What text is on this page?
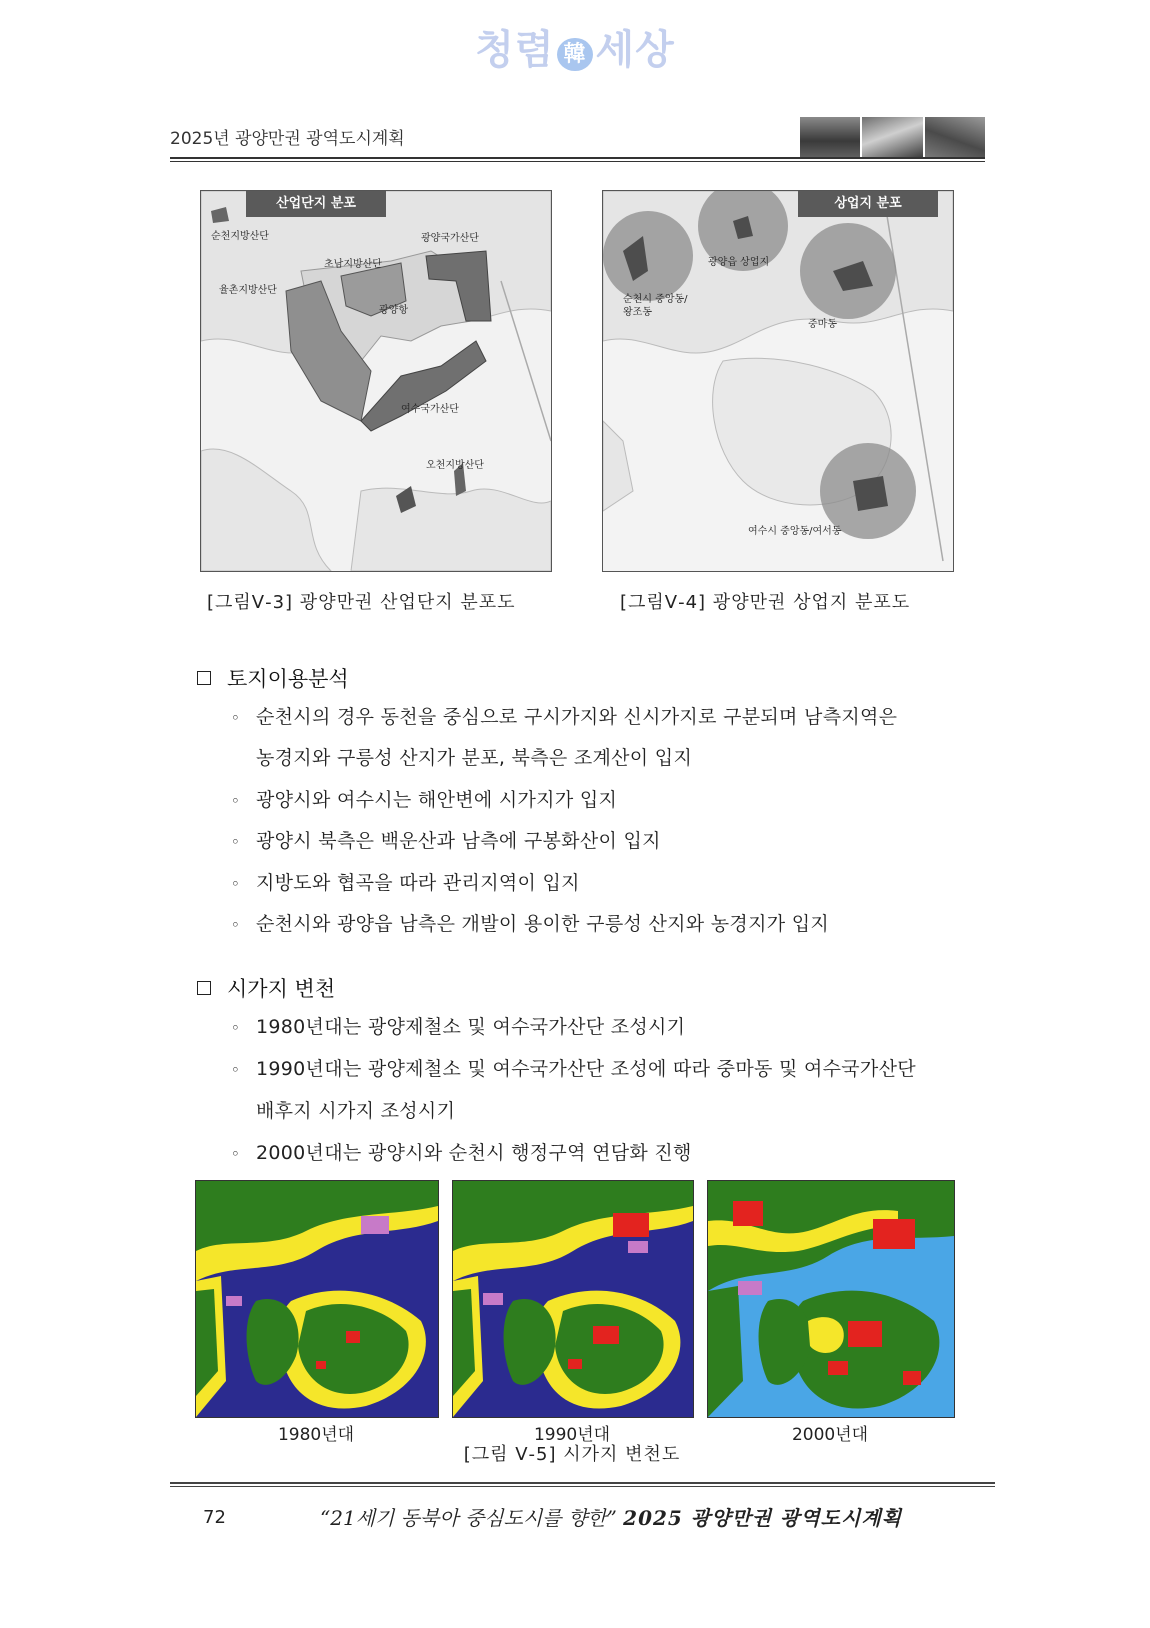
청렴 韓 세상
2025년 광양만권 광역도시계획
산업단지 분포
순천지방산단	광양국가산단
초남지방산단
율촌지방산단
광양항
여수국가산단
오천지방산단
[그림Ⅴ-3] 광양만권 산업단지 분포도
상업지 분포
광양읍 상업지
순천시 중앙동/왕조동
중마동
여수시 중앙동/여서동
[그림Ⅴ-4] 광양만권 상업지 분포도
토지이용분석
◦ 순천시의 경우 동천을 중심으로 구시가지와 신시가지로 구분되며 남측지역은
농경지와 구릉성 산지가 분포, 북측은 조계산이 입지
◦ 광양시와 여수시는 해안변에 시가지가 입지
◦ 광양시 북측은 백운산과 남측에 구봉화산이 입지
◦ 지방도와 협곡을 따라 관리지역이 입지
◦ 순천시와 광양읍 남측은 개발이 용이한 구릉성 산지와 농경지가 입지
시가지 변천
◦ 1980년대는 광양제철소 및 여수국가산단 조성시기
◦ 1990년대는 광양제철소 및 여수국가산단 조성에 따라 중마동 및 여수국가산단
배후지 시가지 조성시기
◦ 2000년대는 광양시와 순천시 행정구역 연담화 진행
1980년대	1990년대	2000년대
[그림 Ⅴ-5] 시가지 변천도
72	“21세기 동북아 중심도시를 향한” 2025 광양만권 광역도시계획
